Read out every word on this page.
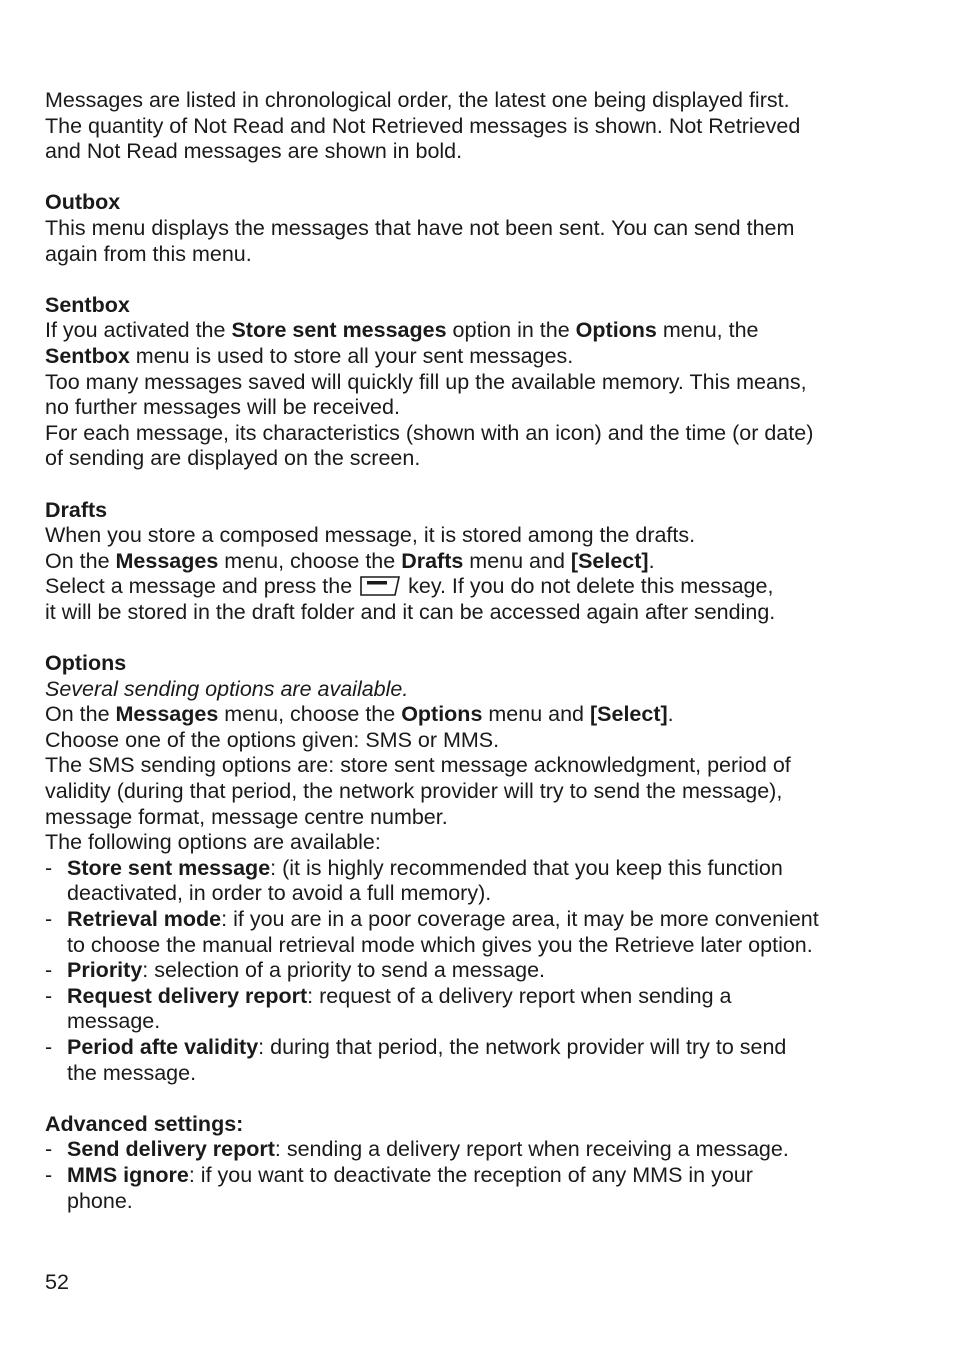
Messages are listed in chronological order, the latest one being displayed first.
The quantity of Not Read and Not Retrieved messages is shown. Not Retrieved
and Not Read messages are shown in bold.
Outbox
This menu displays the messages that have not been sent. You can send them
again from this menu.
Sentbox
If you activated the Store sent messages option in the Options menu, the
Sentbox menu is used to store all your sent messages.
Too many messages saved will quickly fill up the available memory. This means,
no further messages will be received.
For each message, its characteristics (shown with an icon) and the time (or date)
of sending are displayed on the screen.
Drafts
When you store a composed message, it is stored among the drafts.
On the Messages menu, choose the Drafts menu and [Select].
Select a message and press the  key. If you do not delete this message,
it will be stored in the draft folder and it can be accessed again after sending.
Options
Several sending options are available.
On the Messages menu, choose the Options menu and [Select].
Choose one of the options given: SMS or MMS.
The SMS sending options are: store sent message acknowledgment, period of
validity (during that period, the network provider will try to send the message),
message format, message centre number.
The following options are available:
- Store sent message: (it is highly recommended that you keep this function
deactivated, in order to avoid a full memory).
- Retrieval mode: if you are in a poor coverage area, it may be more convenient
to choose the manual retrieval mode which gives you the Retrieve later option.
- Priority: selection of a priority to send a message.
- Request delivery report: request of a delivery report when sending a
message.
- Period afte validity: during that period, the network provider will try to send
the message.
Advanced settings:
- Send delivery report: sending a delivery report when receiving a message.
- MMS ignore: if you want to deactivate the reception of any MMS in your
phone.
52
